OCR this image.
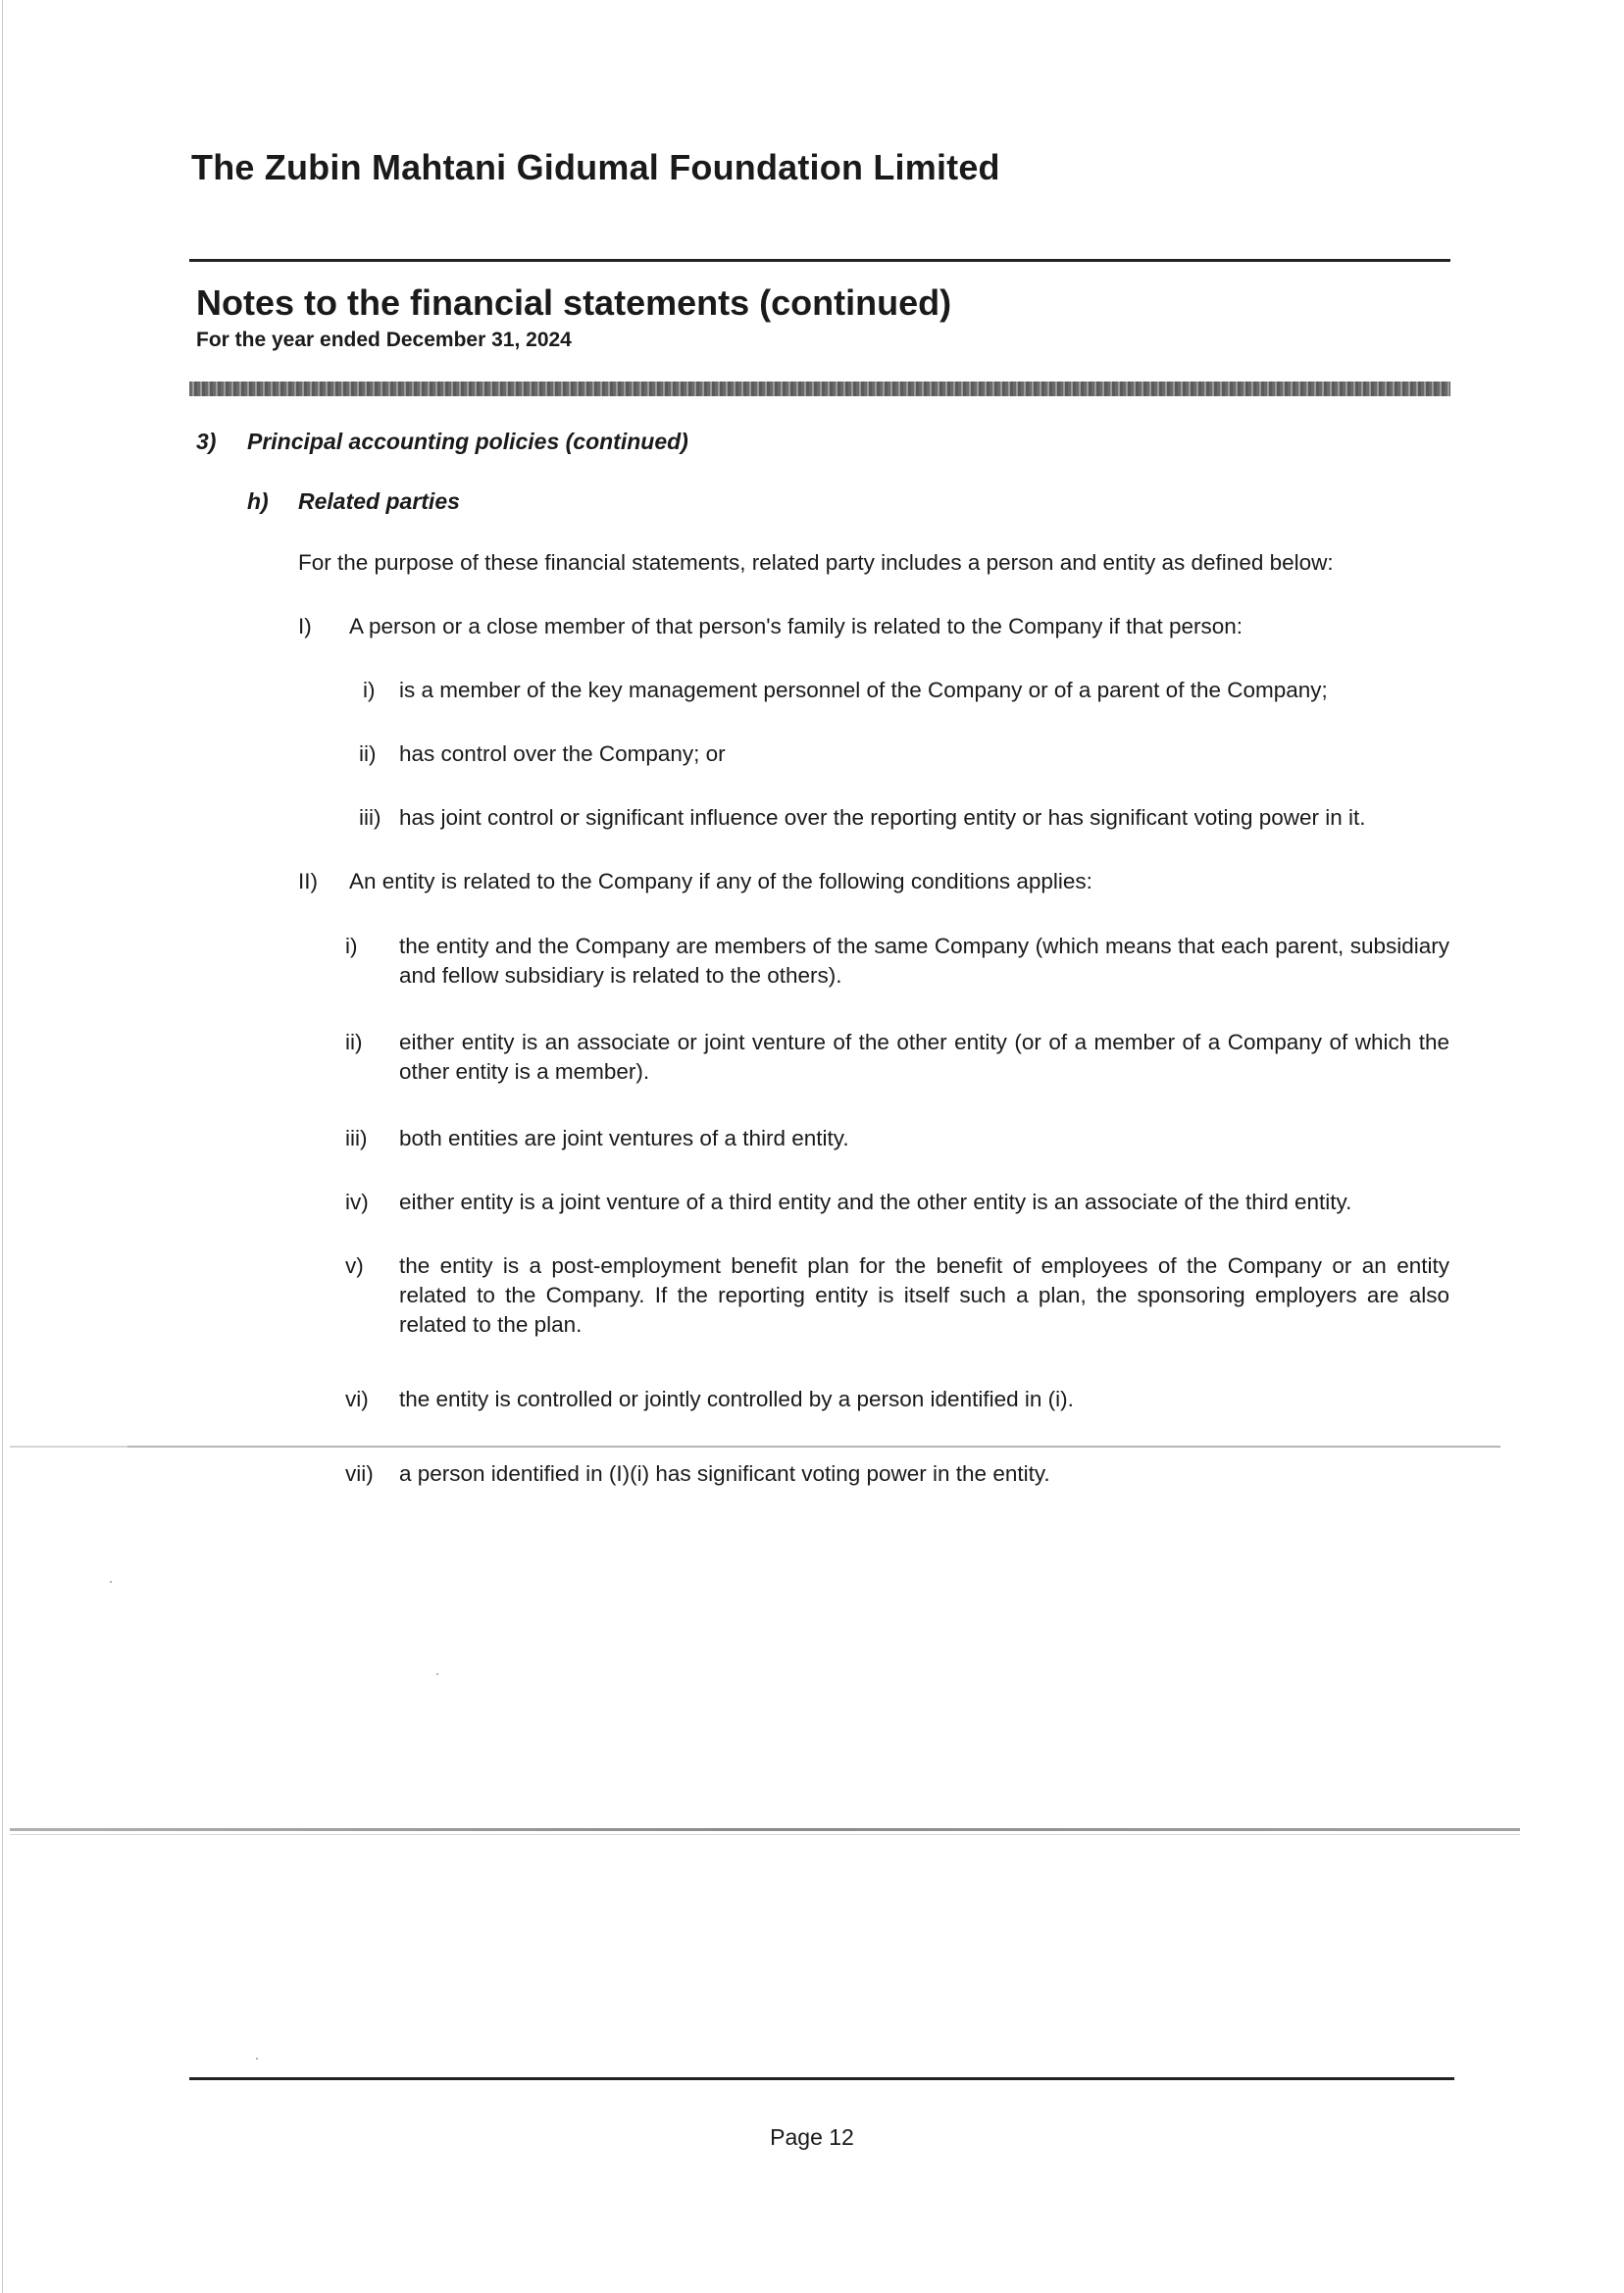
The Zubin Mahtani Gidumal Foundation Limited
Notes to the financial statements (continued)
For the year ended December 31, 2024
3) Principal accounting policies (continued)
h) Related parties
For the purpose of these financial statements, related party includes a person and entity as defined below:
I) A person or a close member of that person's family is related to the Company if that person:
i) is a member of the key management personnel of the Company or of a parent of the Company;
ii) has control over the Company; or
iii) has joint control or significant influence over the reporting entity or has significant voting power in it.
II) An entity is related to the Company if any of the following conditions applies:
i) the entity and the Company are members of the same Company (which means that each parent, subsidiary and fellow subsidiary is related to the others).
ii) either entity is an associate or joint venture of the other entity (or of a member of a Company of which the other entity is a member).
iii) both entities are joint ventures of a third entity.
iv) either entity is a joint venture of a third entity and the other entity is an associate of the third entity.
v) the entity is a post-employment benefit plan for the benefit of employees of the Company or an entity related to the Company. If the reporting entity is itself such a plan, the sponsoring employers are also related to the plan.
vi) the entity is controlled or jointly controlled by a person identified in (i).
vii) a person identified in (I)(i) has significant voting power in the entity.
Page 12
